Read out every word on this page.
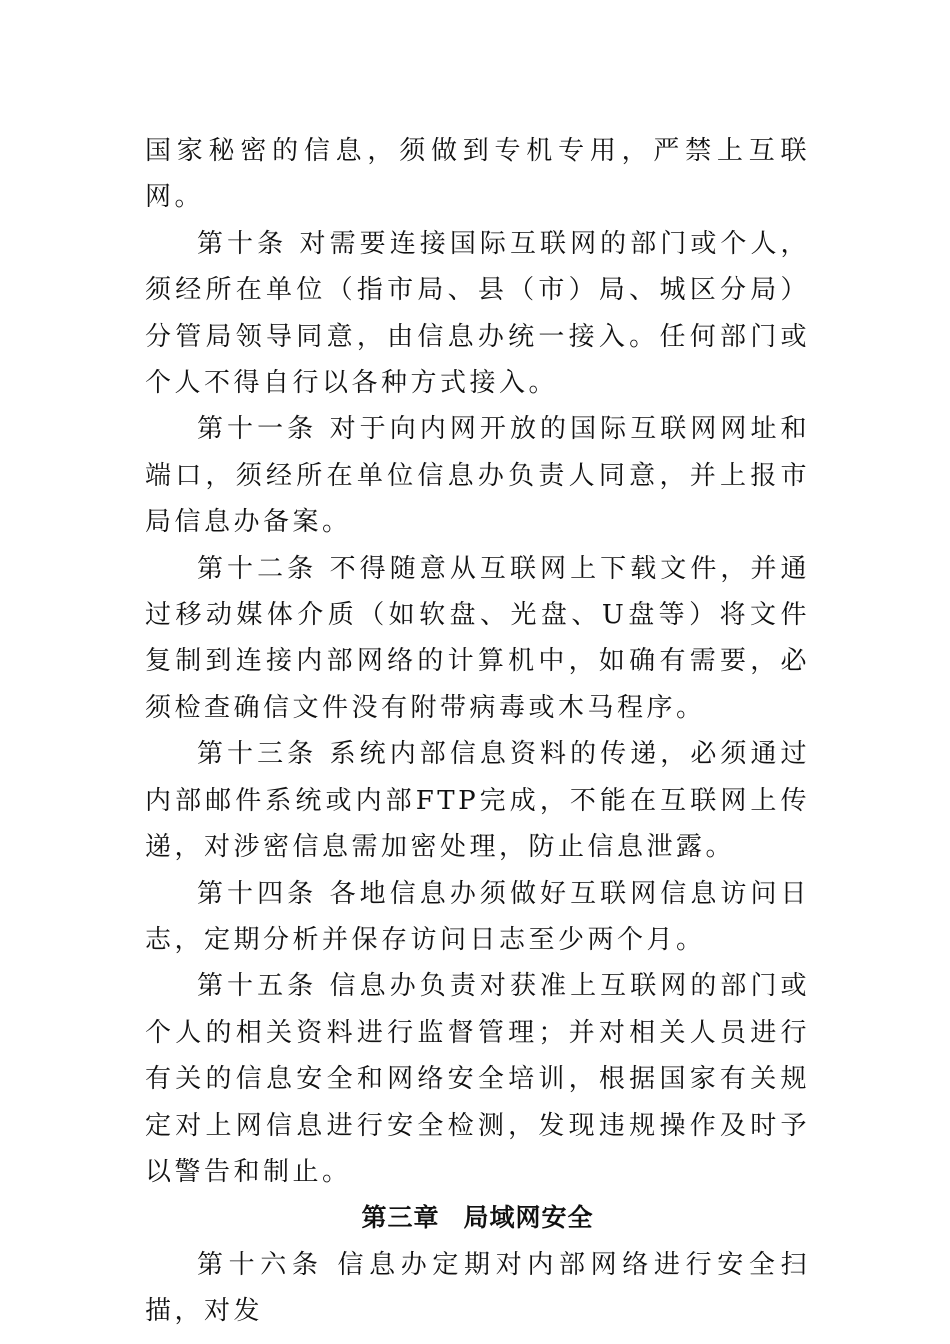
国家秘密的信息，须做到专机专用，严禁上互联网。

第十条 对需要连接国际互联网的部门或个人，须经所在单位（指市局、县（市）局、城区分局）分管局领导同意，由信息办统一接入。任何部门或个人不得自行以各种方式接入。

第十一条 对于向内网开放的国际互联网网址和端口，须经所在单位信息办负责人同意，并上报市局信息办备案。

第十二条 不得随意从互联网上下载文件，并通过移动媒体介质（如软盘、光盘、U盘等）将文件复制到连接内部网络的计算机中，如确有需要，必须检查确信文件没有附带病毒或木马程序。

第十三条 系统内部信息资料的传递，必须通过内部邮件系统或内部FTP完成，不能在互联网上传递，对涉密信息需加密处理，防止信息泄露。

第十四条 各地信息办须做好互联网信息访问日志，定期分析并保存访问日志至少两个月。

第十五条 信息办负责对获准上互联网的部门或个人的相关资料进行监督管理；并对相关人员进行有关的信息安全和网络安全培训，根据国家有关规定对上网信息进行安全检测，发现违规操作及时予以警告和制止。

第三章 局域网安全

第十六条 信息办定期对内部网络进行安全扫描，对发
